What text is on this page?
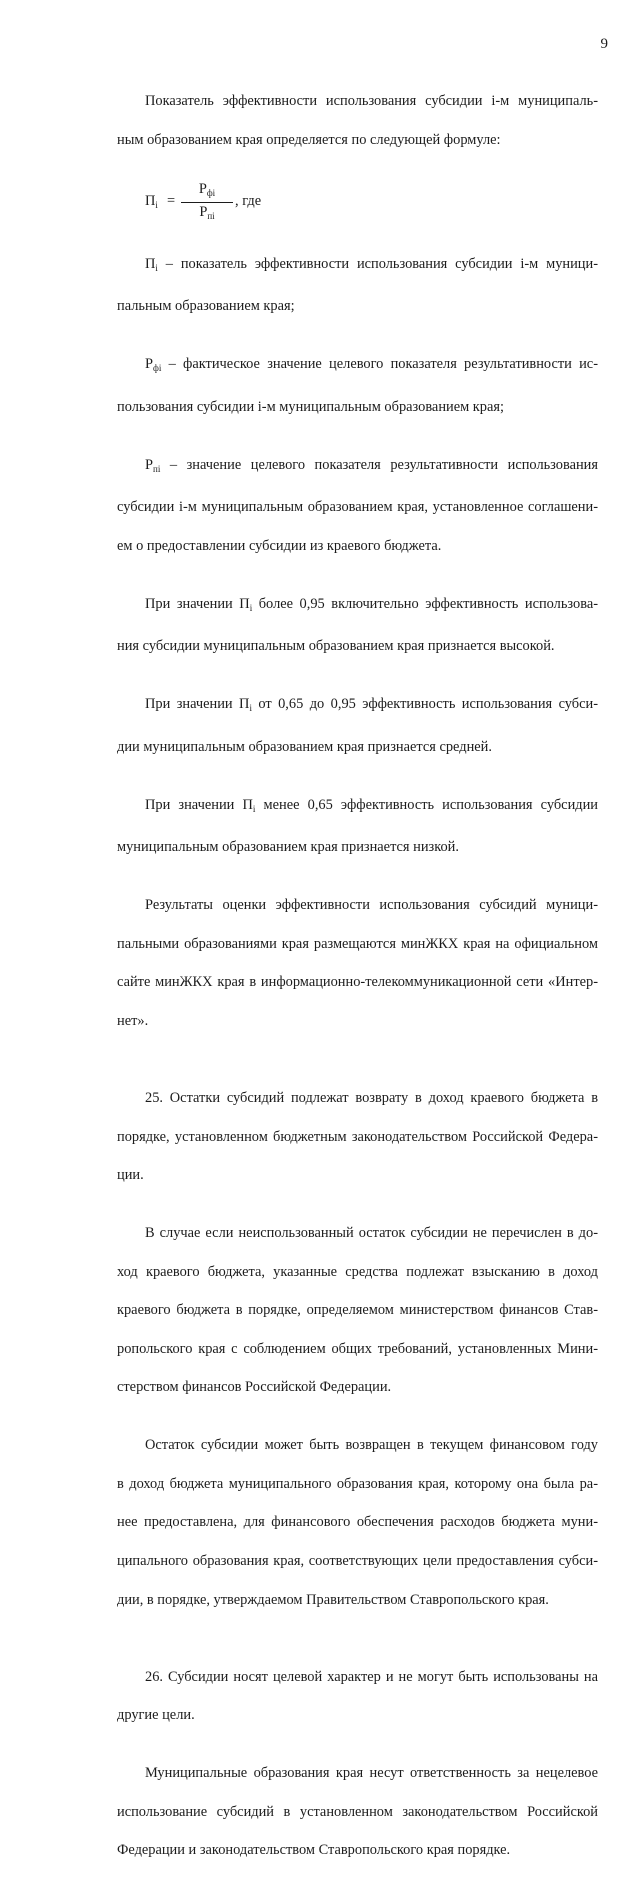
9

Показатель эффективности использования субсидии i-м муниципаль-

ным образованием края определяется по следующей формуле:

$П_i$ =
$Р_{фi}$
$Р_{пi}$
, где

$П_i$ – показатель эффективности использования субсидии i-м муници-

пальным образованием края;

$Р_{фi}$ – фактическое значение целевого показателя результативности ис-

пользования субсидии i-м муниципальным образованием края;

$Р_{пi}$ – значение целевого показателя результативности использования

субсидии i-м муниципальным образованием края, установленное соглашени-

ем о предоставлении субсидии из краевого бюджета.

При значении $П_i$ более 0,95 включительно эффективность использова-

ния субсидии муниципальным образованием края признается высокой.

При значении $П_i$ от 0,65 до 0,95 эффективность использования субси-

дии муниципальным образованием края признается средней.

При значении $П_i$ менее 0,65 эффективность использования субсидии

муниципальным образованием края признается низкой.

Результаты оценки эффективности использования субсидий муници-

пальными образованиями края размещаются минЖКХ края на официальном

сайте минЖКХ края в информационно-телекоммуникационной сети «Интер-

нет».

25. Остатки субсидий подлежат возврату в доход краевого бюджета в

порядке, установленном бюджетным законодательством Российской Федера-

ции.

В случае если неиспользованный остаток субсидии не перечислен в до-

ход краевого бюджета, указанные средства подлежат взысканию в доход

краевого бюджета в порядке, определяемом министерством финансов Став-

ропольского края с соблюдением общих требований, установленных Мини-

стерством финансов Российской Федерации.

Остаток субсидии может быть возвращен в текущем финансовом году

в доход бюджета муниципального образования края, которому она была ра-

нее предоставлена, для финансового обеспечения расходов бюджета муни-

ципального образования края, соответствующих цели предоставления субси-

дии, в порядке, утверждаемом Правительством Ставропольского края.

26. Субсидии носят целевой характер и не могут быть использованы на

другие цели.

Муниципальные образования края несут ответственность за нецелевое

использование субсидий в установленном законодательством Российской

Федерации и законодательством Ставропольского края порядке.
